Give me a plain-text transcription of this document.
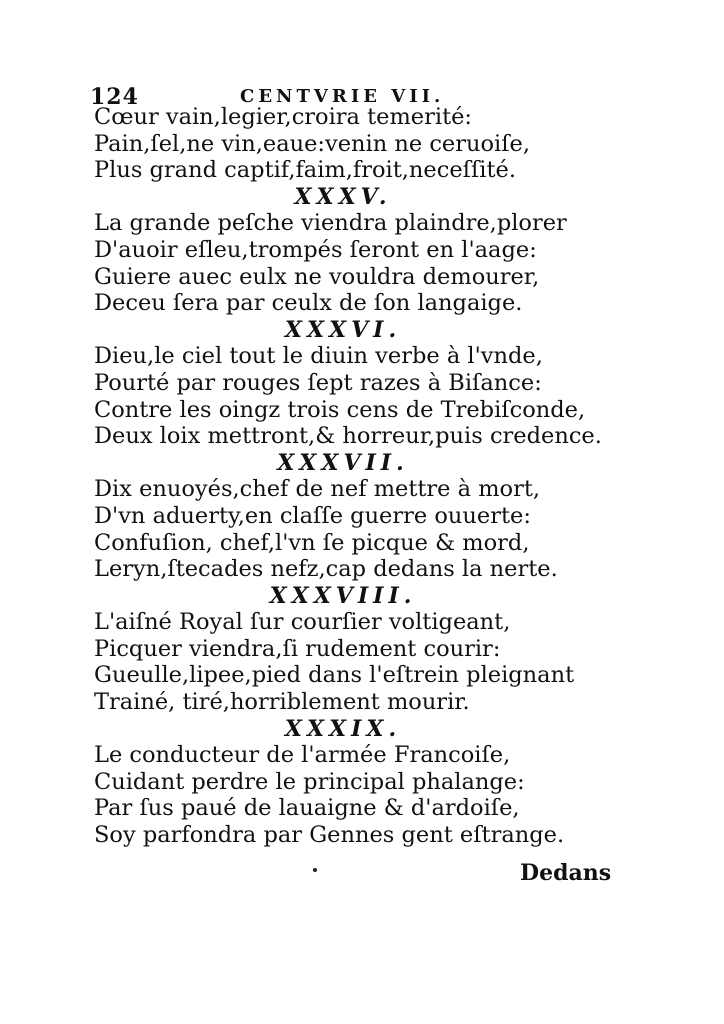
124	CENTVRIE VII.
Cœur vain,legier,croira temerité:
Pain,ſel,ne vin,eaue:venin ne ceruoiſe,
Plus grand captif,faim,froit,neceſſité.
XXXV.
La grande peſche viendra plaindre,plorer
D'auoir eſleu,trompés ſeront en l'aage:
Guiere auec eulx ne vouldra demourer,
Deceu ſera par ceulx de ſon langaige.
XXXVI.
Dieu,le ciel tout le diuin verbe à l'vnde,
Pourté par rouges ſept razes à Biſance:
Contre les oingz trois cens de Trebiſconde,
Deux loix mettront,& horreur,puis credence.
XXXVII.
Dix enuoyés,chef de nef mettre à mort,
D'vn aduerty,en claſſe guerre ouuerte:
Confuſion, chef,l'vn ſe picque & mord,
Leryn,ſtecades nefz,cap dedans la nerte.
XXXVIII.
L'aiſné Royal ſur courſier voltigeant,
Picquer viendra,ſi rudement courir:
Gueulle,lipee,pied dans l'eſtrein pleignant
Trainé, tiré,horriblement mourir.
XXXIX.
Le conducteur de l'armée Francoiſe,
Cuidant perdre le principal phalange:
Par ſus paué de lauaigne & d'ardoiſe,
Soy parfondra par Gennes gent eſtrange.
Dedans
